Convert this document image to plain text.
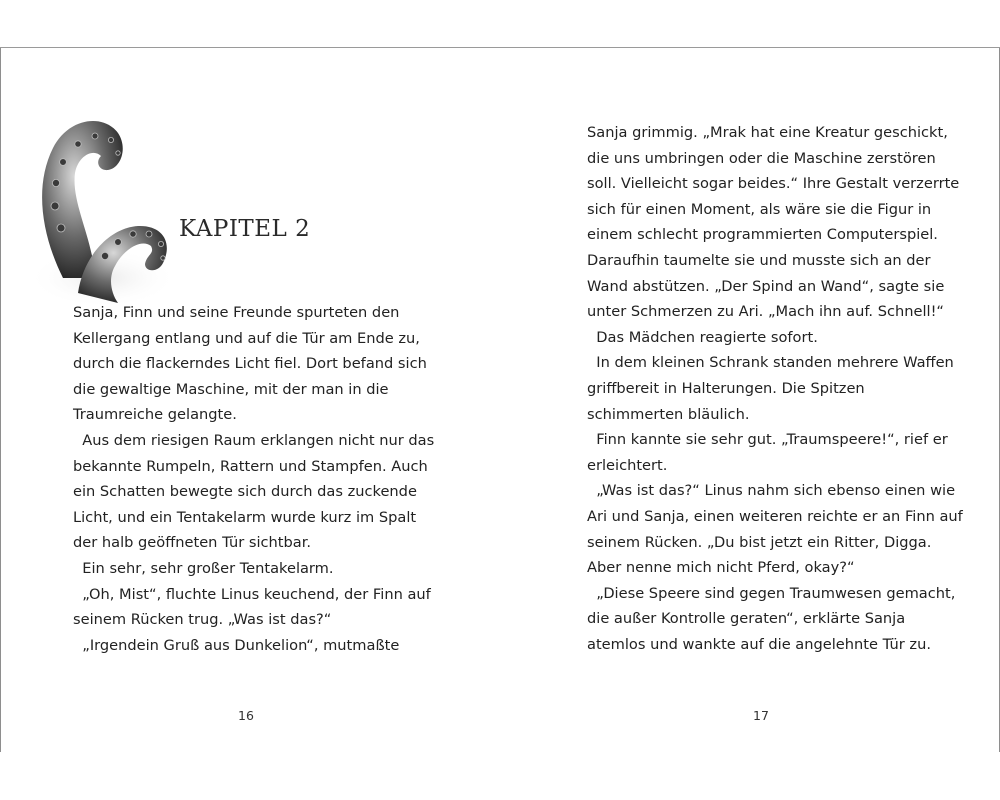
KAPITEL 2
Sanja, Finn und seine Freunde spurteten den
Kellergang entlang und auf die Tür am Ende zu,
durch die flackerndes Licht fiel. Dort befand sich
die gewaltige Maschine, mit der man in die
Traumreiche gelangte.
Aus dem riesigen Raum erklangen nicht nur das
bekannte Rumpeln, Rattern und Stampfen. Auch
ein Schatten bewegte sich durch das zuckende
Licht, und ein Tentakelarm wurde kurz im Spalt
der halb geöffneten Tür sichtbar.
Ein sehr, sehr großer Tentakelarm.
„Oh, Mist“, fluchte Linus keuchend, der Finn auf
seinem Rücken trug. „Was ist das?“
„Irgendein Gruß aus Dunkelion“, mutmaßte
16
Sanja grimmig. „Mrak hat eine Kreatur geschickt,
die uns umbringen oder die Maschine zerstören
soll. Vielleicht sogar beides.“ Ihre Gestalt verzerrte
sich für einen Moment, als wäre sie die Figur in
einem schlecht programmierten Computerspiel.
Daraufhin taumelte sie und musste sich an der
Wand abstützen. „Der Spind an Wand“, sagte sie
unter Schmerzen zu Ari. „Mach ihn auf. Schnell!“
Das Mädchen reagierte sofort.
In dem kleinen Schrank standen mehrere Waffen
griffbereit in Halterungen. Die Spitzen
schimmerten bläulich.
Finn kannte sie sehr gut. „Traumspeere!“, rief er
erleichtert.
„Was ist das?“ Linus nahm sich ebenso einen wie
Ari und Sanja, einen weiteren reichte er an Finn auf
seinem Rücken. „Du bist jetzt ein Ritter, Digga.
Aber nenne mich nicht Pferd, okay?“
„Diese Speere sind gegen Traumwesen gemacht,
die außer Kontrolle geraten“, erklärte Sanja
atemlos und wankte auf die angelehnte Tür zu.
17
